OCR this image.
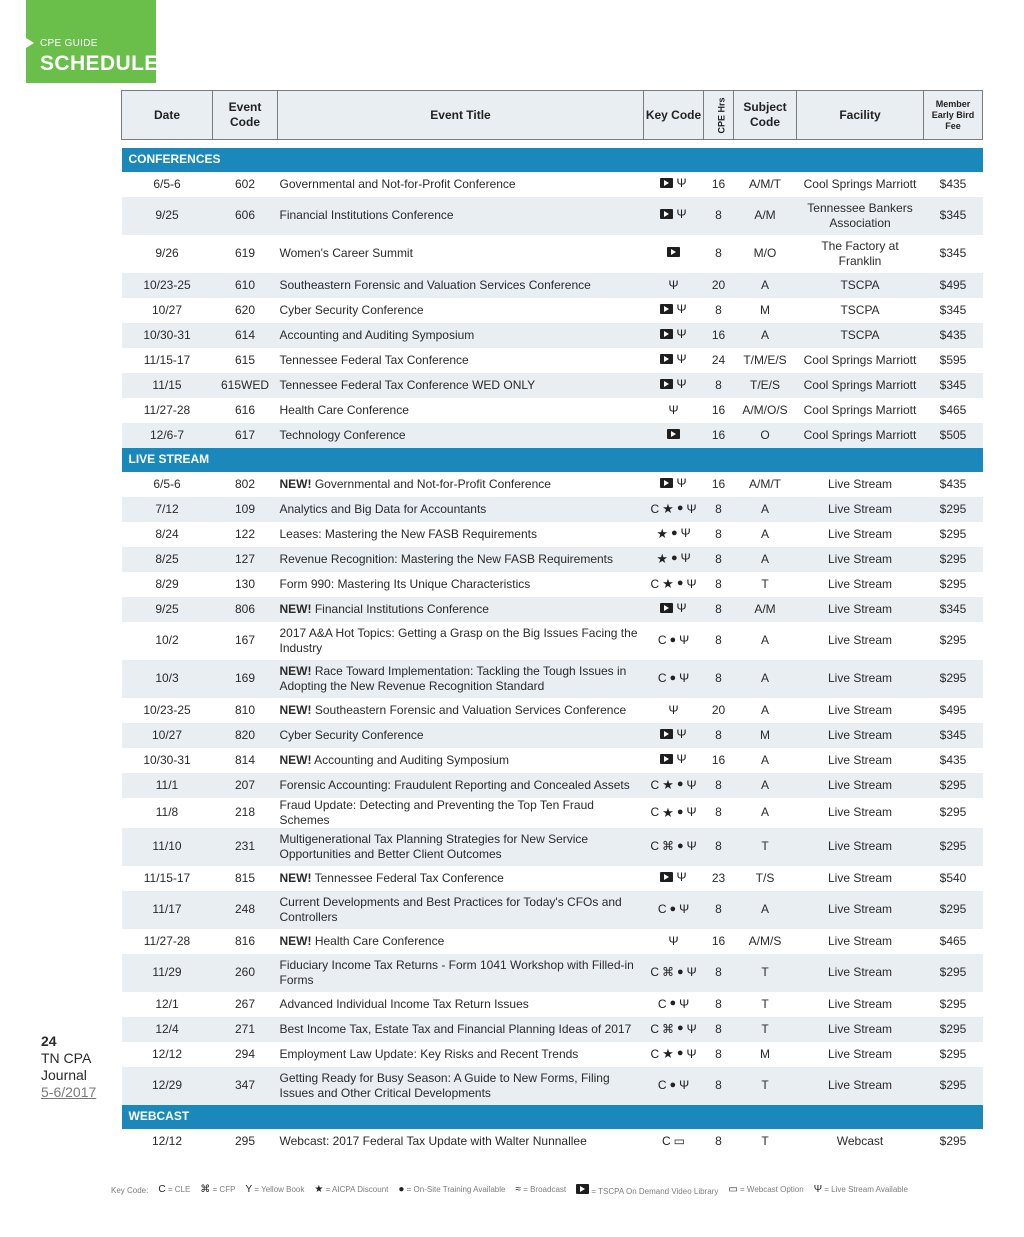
CPE GUIDE
SCHEDULE
Date	Event Code	Event Title	Key Code	CPE Hrs	Subject Code	Facility	Member Early Bird Fee

CONFERENCES							
6/5-6	602	Governmental and Not-for-Profit Conference	Ψ	16	A/M/T	Cool Springs Marriott	$435
9/25	606	Financial Institutions Conference	Ψ	8	A/M	Tennessee Bankers Association	$345
9/26	619	Women's Career Summit		8	M/O	The Factory at Franklin	$345
10/23-25	610	Southeastern Forensic and Valuation Services Conference	Ψ	20	A	TSCPA	$495
10/27	620	Cyber Security Conference	Ψ	8	M	TSCPA	$345
10/30-31	614	Accounting and Auditing Symposium	Ψ	16	A	TSCPA	$435
11/15-17	615	Tennessee Federal Tax Conference	Ψ	24	T/M/E/S	Cool Springs Marriott	$595
11/15	615WED	Tennessee Federal Tax Conference WED ONLY	Ψ	8	T/E/S	Cool Springs Marriott	$345
11/27-28	616	Health Care Conference	Ψ	16	A/M/O/S	Cool Springs Marriott	$465
12/6-7	617	Technology Conference		16	O	Cool Springs Marriott	$505
LIVE STREAM							
6/5-6	802	NEW! Governmental and Not-for-Profit Conference	Ψ	16	A/M/T	Live Stream	$435
7/12	109	Analytics and Big Data for Accountants	C ★ ● Ψ	8	A	Live Stream	$295
8/24	122	Leases: Mastering the New FASB Requirements	★ ● Ψ	8	A	Live Stream	$295
8/25	127	Revenue Recognition: Mastering the New FASB Requirements	★ ● Ψ	8	A	Live Stream	$295
8/29	130	Form 990: Mastering Its Unique Characteristics	C ★ ● Ψ	8	T	Live Stream	$295
9/25	806	NEW! Financial Institutions Conference	Ψ	8	A/M	Live Stream	$345
10/2	167	2017 A&A Hot Topics: Getting a Grasp on the Big Issues Facing the Industry	C ● Ψ	8	A	Live Stream	$295
10/3	169	NEW! Race Toward Implementation: Tackling the Tough Issues in Adopting the New Revenue Recognition Standard	C ● Ψ	8	A	Live Stream	$295
10/23-25	810	NEW! Southeastern Forensic and Valuation Services Conference	Ψ	20	A	Live Stream	$495
10/27	820	Cyber Security Conference	Ψ	8	M	Live Stream	$345
10/30-31	814	NEW! Accounting and Auditing Symposium	Ψ	16	A	Live Stream	$435
11/1	207	Forensic Accounting: Fraudulent Reporting and Concealed Assets	C ★ ● Ψ	8	A	Live Stream	$295
11/8	218	Fraud Update: Detecting and Preventing the Top Ten Fraud Schemes	C ★ ● Ψ	8	A	Live Stream	$295
11/10	231	Multigenerational Tax Planning Strategies for New Service Opportunities and Better Client Outcomes	C ⌘ ● Ψ	8	T	Live Stream	$295
11/15-17	815	NEW! Tennessee Federal Tax Conference	Ψ	23	T/S	Live Stream	$540
11/17	248	Current Developments and Best Practices for Today's CFOs and Controllers	C ● Ψ	8	A	Live Stream	$295
11/27-28	816	NEW! Health Care Conference	Ψ	16	A/M/S	Live Stream	$465
11/29	260	Fiduciary Income Tax Returns - Form 1041 Workshop with Filled-in Forms	C ⌘ ● Ψ	8	T	Live Stream	$295
12/1	267	Advanced Individual Income Tax Return Issues	C ● Ψ	8	T	Live Stream	$295
12/4	271	Best Income Tax, Estate Tax and Financial Planning Ideas of 2017	C ⌘ ● Ψ	8	T	Live Stream	$295
12/12	294	Employment Law Update: Key Risks and Recent Trends	C ★ ● Ψ	8	M	Live Stream	$295
12/29	347	Getting Ready for Busy Season: A Guide to New Forms, Filing Issues and Other Critical Developments	C ● Ψ	8	T	Live Stream	$295
WEBCAST							
12/12	295	Webcast: 2017 Federal Tax Update with Walter Nunnallee	C ▭	8	T	Webcast	$295
24
TN CPA
Journal
5-6/2017
Key Code: C = CLE ⌘ = CFP Y = Yellow Book ★ = AICPA Discount ● = On-Site Training Available ≈ = Broadcast	= TSCPA On Demand Video Library ▭ = Webcast Option Ψ = Live Stream Available
